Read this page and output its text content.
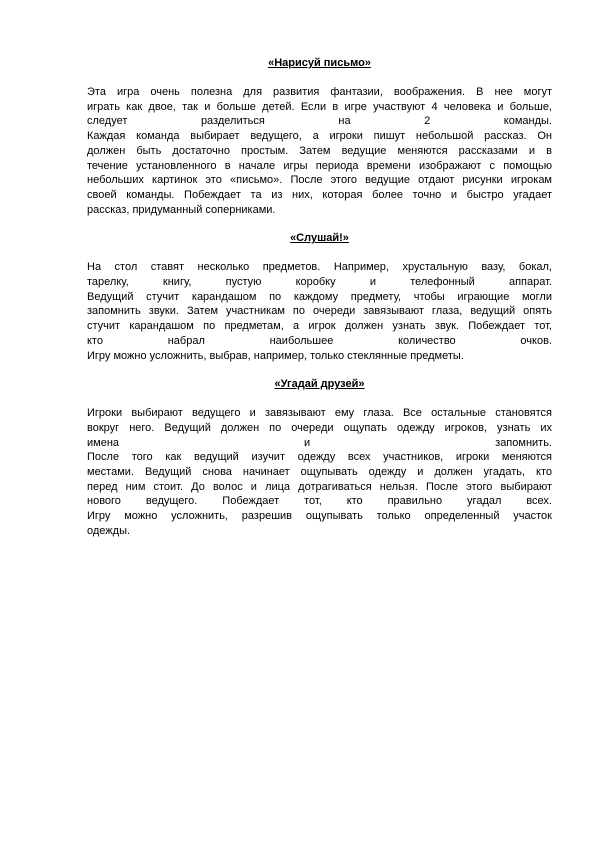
«Нарисуй письмо»
Эта игра очень полезна для развития фантазии, воображения. В нее могут
играть как двое, так и больше детей. Если в игре участвуют 4 человека и больше,
следует разделиться на 2 команды.
Каждая команда выбирает ведущего, а игроки пишут небольшой рассказ. Он
должен быть достаточно простым. Затем ведущие меняются рассказами и в
течение установленного в начале игры периода времени изображают с помощью
небольших картинок это «письмо». После этого ведущие отдают рисунки игрокам
своей команды. Побеждает та из них, которая более точно и быстро угадает
рассказ, придуманный соперниками.
«Слушай!»
На стол ставят несколько предметов. Например, хрустальную вазу, бокал,
тарелку, книгу, пустую коробку и телефонный аппарат.
Ведущий стучит карандашом по каждому предмету, чтобы играющие могли
запомнить звуки. Затем участникам по очереди завязывают глаза, ведущий опять
стучит карандашом по предметам, а игрок должен узнать звук. Побеждает тот,
кто набрал наибольшее количество очков.
Игру можно усложнить, выбрав, например, только стеклянные предметы.
«Угадай друзей»
Игроки выбирают ведущего и завязывают ему глаза. Все остальные становятся
вокруг него. Ведущий должен по очереди ощупать одежду игроков, узнать их
имена и запомнить.
После того как ведущий изучит одежду всех участников, игроки меняются
местами. Ведущий снова начинает ощупывать одежду и должен угадать, кто
перед ним стоит. До волос и лица дотрагиваться нельзя. После этого выбирают
нового ведущего. Побеждает тот, кто правильно угадал всех.
Игру можно усложнить, разрешив ощупывать только определенный участок
одежды.
